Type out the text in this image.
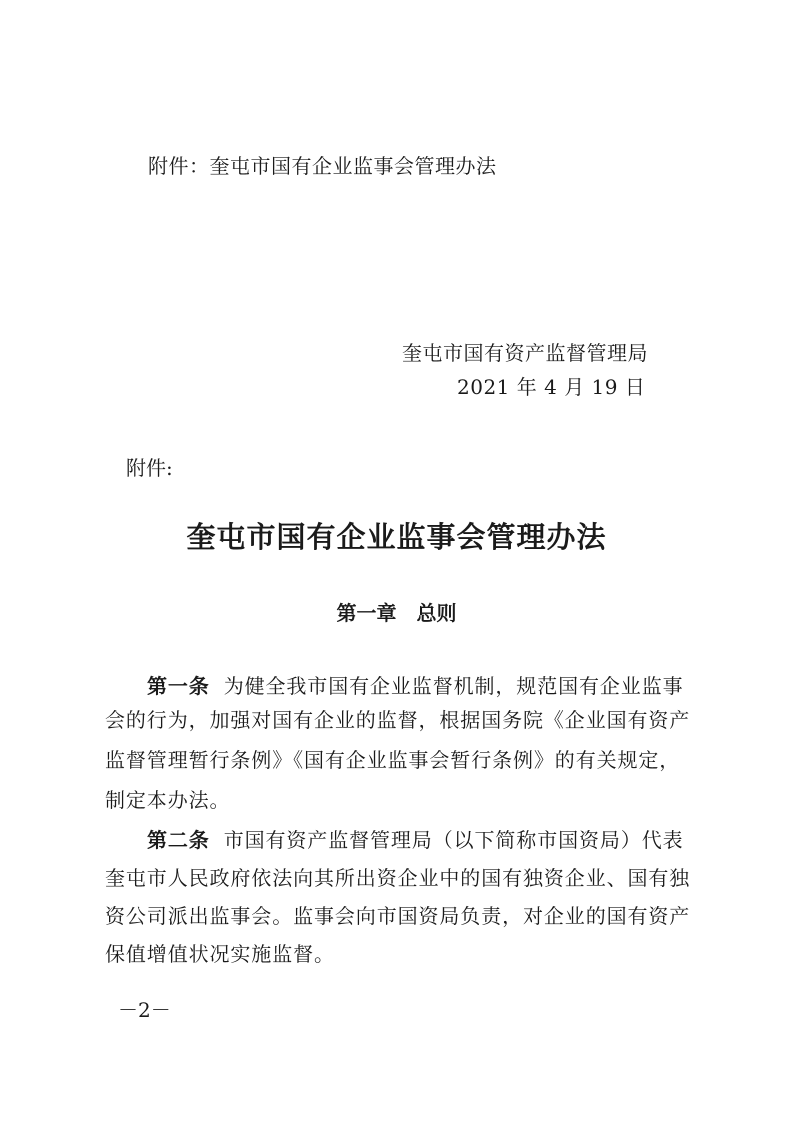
附件：奎屯市国有企业监事会管理办法

奎屯市国有资产监督管理局

2021 年 4 月 19 日

附件:

奎屯市国有企业监事会管理办法
第一章　总则

第一条 为健全我市国有企业监督机制，规范国有企业监事

会的行为，加强对国有企业的监督，根据国务院《企业国有资产

监督管理暂行条例》《国有企业监事会暂行条例》的有关规定，

制定本办法。

第二条 市国有资产监督管理局（以下简称市国资局）代表

奎屯市人民政府依法向其所出资企业中的国有独资企业、国有独

资公司派出监事会。监事会向市国资局负责，对企业的国有资产

保值增值状况实施监督。

－2－
